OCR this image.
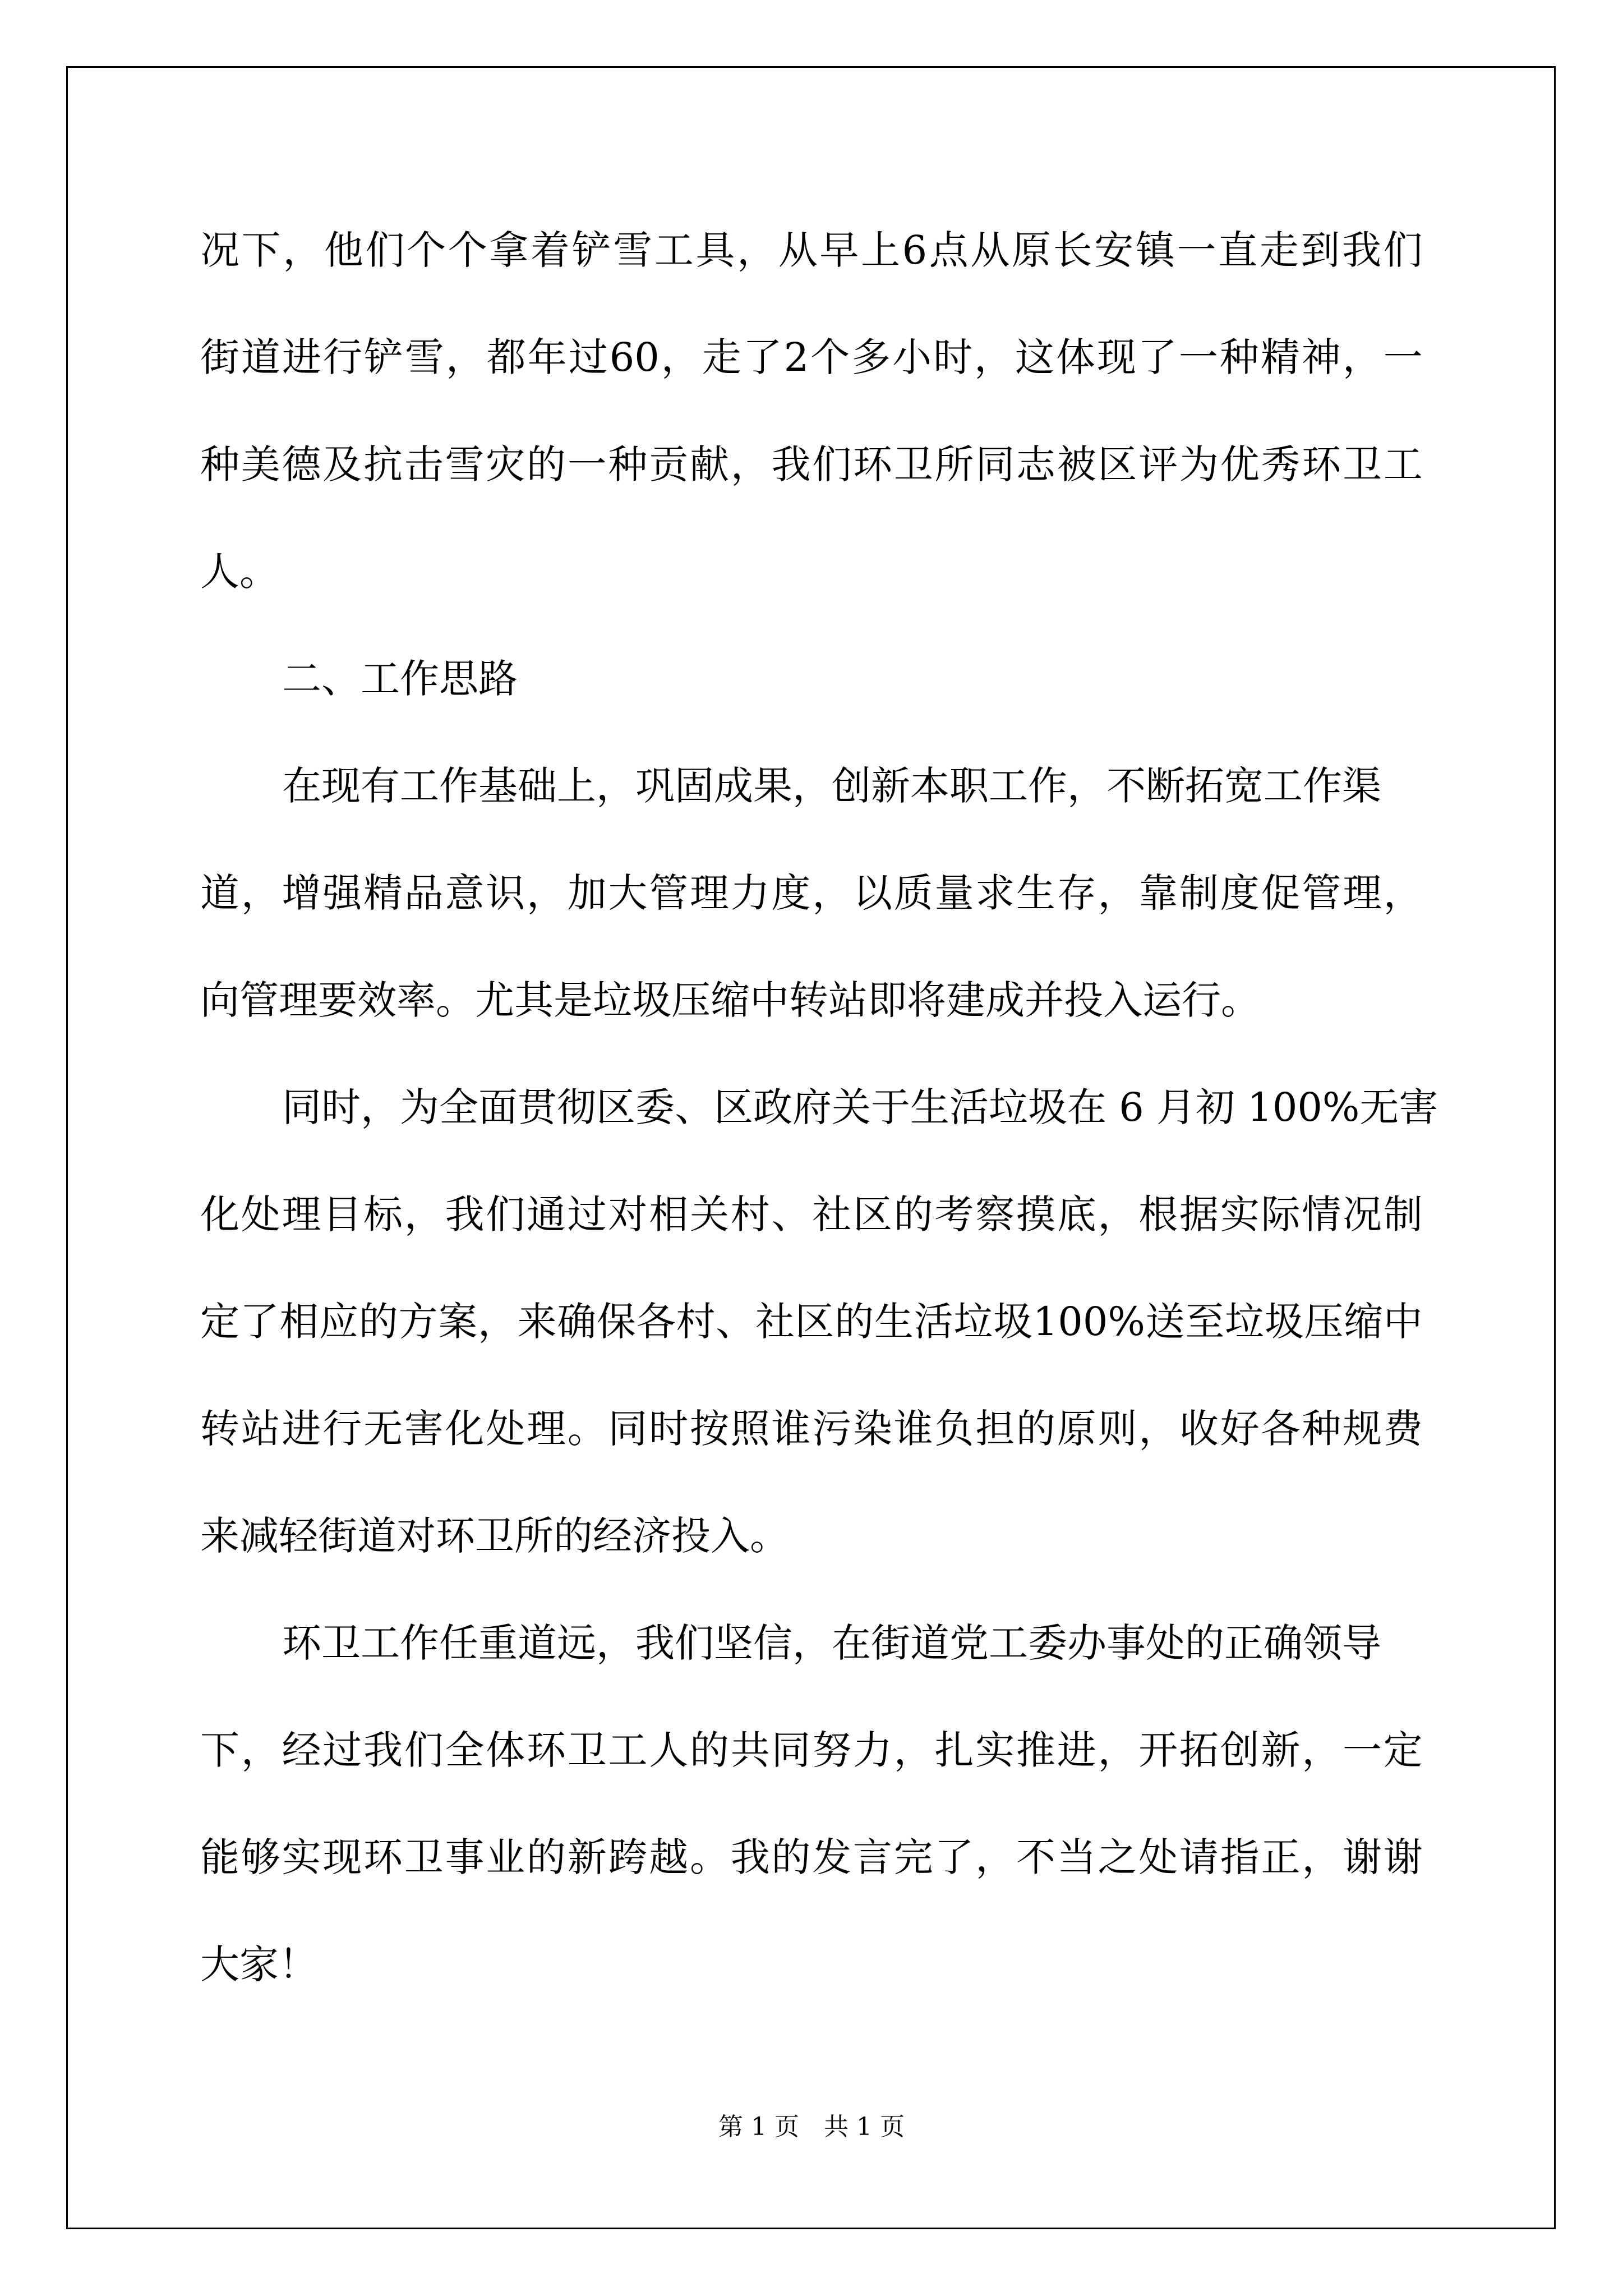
况 下 ， 他 们 个 个 拿 着 铲 雪 工 具 ， 从 早 上 6 点 从 原 长 安 镇 一 直 走 到 我 们
街 道 进 行 铲 雪 ， 都 年 过 60 ， 走 了 2 个 多 小 时 ， 这 体 现 了 一 种 精 神 ， 一
种 美 德 及 抗 击 雪 灾 的 一 种 贡 献 ， 我 们 环 卫 所 同 志 被 区 评 为 优 秀 环 卫 工
人。
二、工作思路
在现有工作基础上，巩固成果，创新本职工作，不断拓宽工作渠
道 ， 增 强 精 品 意 识 ， 加 大 管 理 力 度 ， 以 质 量 求 生 存 ， 靠 制 度 促 管 理 ，
向管理要效率。尤其是垃圾压缩中转站即将建成并投入运行。
同时，为全面贯彻区委、区政府关于生活垃圾在 6 月初 100%无害
化 处 理 目 标 ， 我 们 通 过 对 相 关 村 、 社 区 的 考 察 摸 底 ， 根 据 实 际 情 况 制
定 了 相 应 的 方 案 ， 来 确 保 各 村 、 社 区 的 生 活 垃 圾 100% 送 至 垃 圾 压 缩 中
转 站 进 行 无 害 化 处 理 。 同 时 按 照 谁 污 染 谁 负 担 的 原 则 ， 收 好 各 种 规 费
来减轻街道对环卫所的经济投入。
环卫工作任重道远，我们坚信，在街道党工委办事处的正确领导
下 ， 经 过 我 们 全 体 环 卫 工 人 的 共 同 努 力 ， 扎 实 推 进 ， 开 拓 创 新 ， 一 定
能 够 实 现 环 卫 事 业 的 新 跨 越 。 我 的 发 言 完 了 ， 不 当 之 处 请 指 正 ， 谢 谢
大家！
第 1 页　共 1 页
